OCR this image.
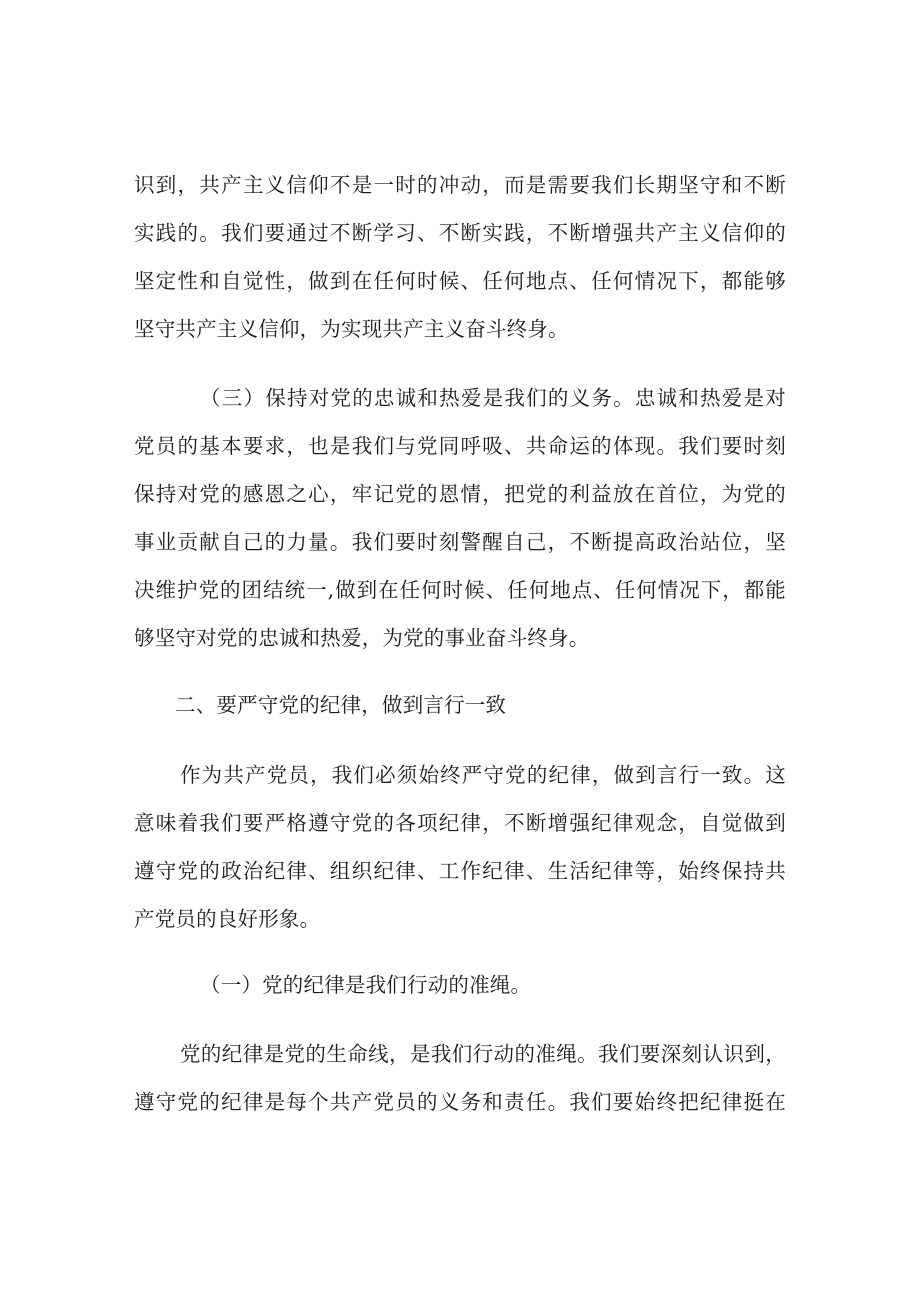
识到，共产主义信仰不是一时的冲动，而是需要我们长期坚守和不断
实践的。我们要通过不断学习、不断实践，不断增强共产主义信仰的
坚定性和自觉性，做到在任何时候、任何地点、任何情况下，都能够
坚守共产主义信仰，为实现共产主义奋斗终身。
（三）保持对党的忠诚和热爱是我们的义务。忠诚和热爱是对
党员的基本要求，也是我们与党同呼吸、共命运的体现。我们要时刻
保持对党的感恩之心，牢记党的恩情，把党的利益放在首位，为党的
事业贡献自己的力量。我们要时刻警醒自己，不断提高政治站位，坚
决维护党的团结统一,做到在任何时候、任何地点、任何情况下，都能
够坚守对党的忠诚和热爱，为党的事业奋斗终身。
二、要严守党的纪律，做到言行一致
作为共产党员，我们必须始终严守党的纪律，做到言行一致。这
意味着我们要严格遵守党的各项纪律，不断增强纪律观念，自觉做到
遵守党的政治纪律、组织纪律、工作纪律、生活纪律等，始终保持共
产党员的良好形象。
（一）党的纪律是我们行动的准绳。
党的纪律是党的生命线，是我们行动的准绳。我们要深刻认识到，
遵守党的纪律是每个共产党员的义务和责任。我们要始终把纪律挺在
